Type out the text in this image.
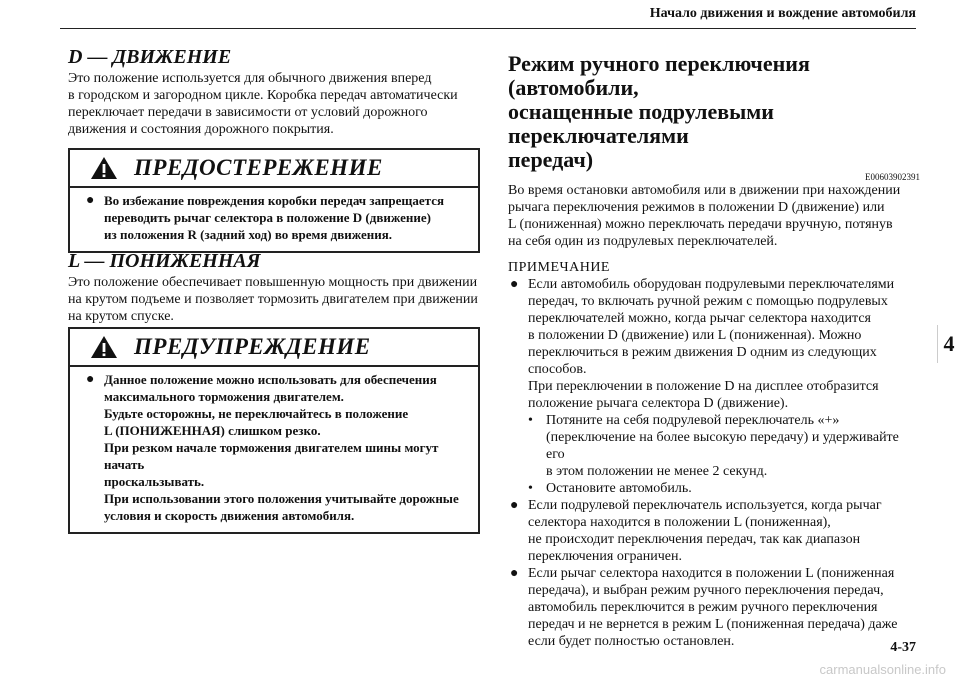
Начало движения и вождение автомобиля
D — ДВИЖЕНИЕ

Это положение используется для обычного движения вперед
в городском и загородном цикле. Коробка передач автоматически
переключает передачи в зависимости от условий дорожного
движения и состояния дорожного покрытия.

ПРЕДОСТЕРЕЖЕНИЕ
● Во избежание повреждения коробки передач запрещается
переводить рычаг селектора в положение D (движение)
из положения R (задний ход) во время движения.
L — ПОНИЖЕННАЯ

Это положение обеспечивает повышенную мощность при движении
на крутом подъеме и позволяет тормозить двигателем при движении
на крутом спуске.

ПРЕДУПРЕЖДЕНИЕ
● Данное положение можно использовать для обеспечения
максимального торможения двигателем.
Будьте осторожны, не переключайтесь в положение
L (ПОНИЖЕННАЯ) слишком резко.
При резком начале торможения двигателем шины могут начать
проскальзывать.
При использовании этого положения учитывайте дорожные
условия и скорость движения автомобиля.
Режим ручного переключения (автомобили,
оснащенные подрулевыми переключателями
передач)
E00603902391

Во время остановки автомобиля или в движении при нахождении
рычага переключения режимов в положении D (движение) или
L (пониженная) можно переключать передачи вручную, потянув
на себя один из подрулевых переключателей.

ПРИМЕЧАНИЕ
● Если автомобиль оборудован подрулевыми переключателями
передач, то включать ручной режим с помощью подрулевых
переключателей можно, когда рычаг селектора находится
в положении D (движение) или L (пониженная). Можно
переключиться в режим движения D одним из следующих
способов.
При переключении в положение D на дисплее отобразится
положение рычага селектора D (движение).
• Потяните на себя подрулевой переключатель «+»
(переключение на более высокую передачу) и удерживайте его
в этом положении не менее 2 секунд.
• Остановите автомобиль.
● Если подрулевой переключатель используется, когда рычаг
селектора находится в положении L (пониженная),
не происходит переключения передач, так как диапазон
переключения ограничен.
● Если рычаг селектора находится в положении L (пониженная
передача), и выбран режим ручного переключения передач,
автомобиль переключится в режим ручного переключения
передач и не вернется в режим L (пониженная передача) даже
если будет полностью остановлен.
4
4-37
carmanualsonline.info
